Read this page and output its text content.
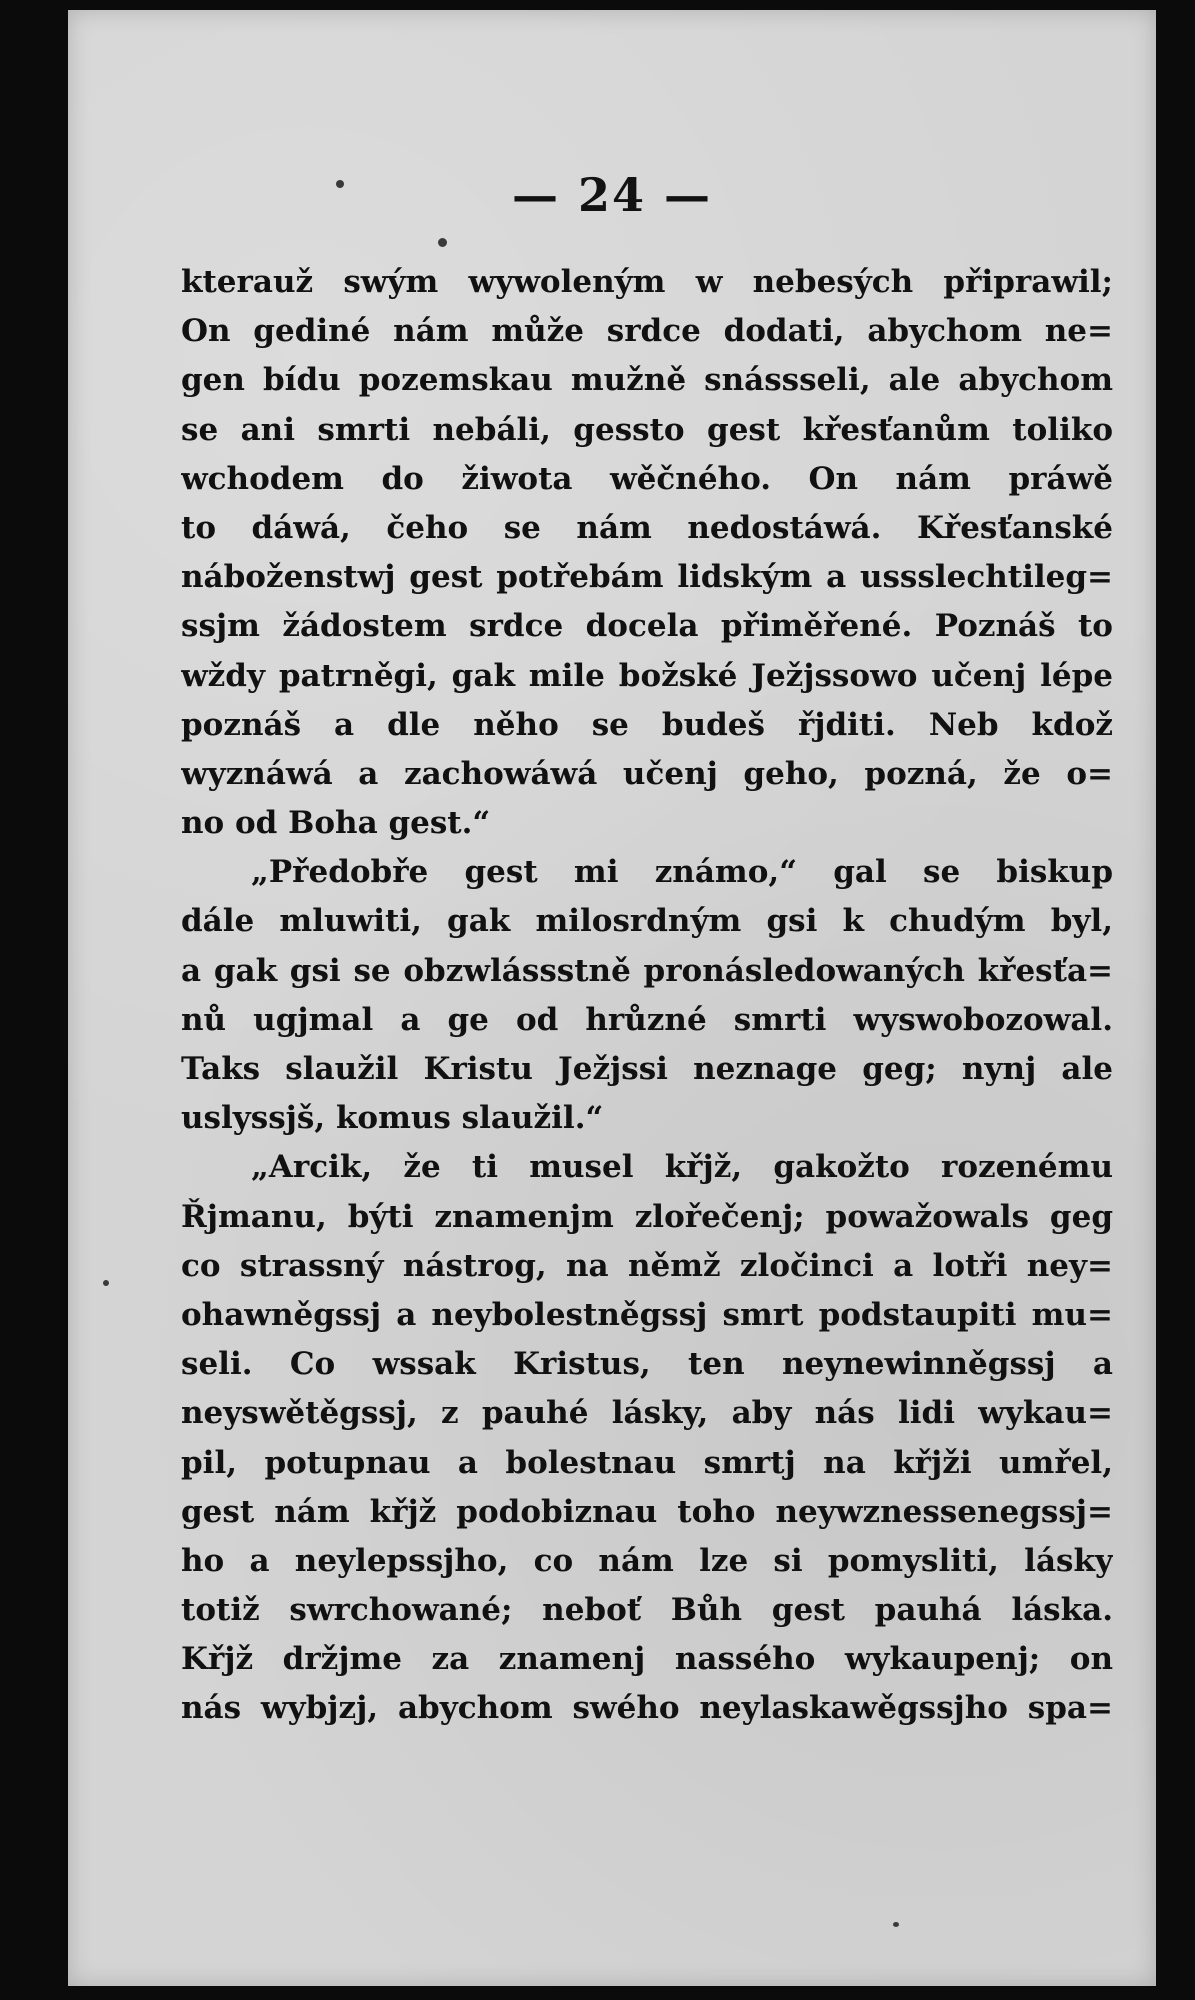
— 24 —
kterauž swým wywoleným w nebesých připrawil;
On gediné nám může srdce dodati, abychom ne=
gen bídu pozemskau mužně snássseli, ale abychom
se ani smrti nebáli, gessto gest křesťanům toliko
wchodem do žiwota wěčného. On nám práwě
to dáwá, čeho se nám nedostáwá. Křesťanské
náboženstwj gest potřebám lidským a ussslechtileg=
ssjm žádostem srdce docela přiměřené. Poznáš to
wždy patrněgi, gak mile božské Ježjssowo učenj lépe
poznáš a dle něho se budeš řjditi. Neb kdož
wyznáwá a zachowáwá učenj geho, pozná, že o=
no od Boha gest.“
„Předobře gest mi známo,“ gal se biskup
dále mluwiti, gak milosrdným gsi k chudým byl,
a gak gsi se obzwlássstně pronásledowaných křesťa=
nů ugjmal a ge od hrůzné smrti wyswobozowal.
Taks slaužil Kristu Ježjssi neznage geg; nynj ale
uslyssjš, komus slaužil.“
„Arcik, že ti musel křjž, gakožto rozenému
Řjmanu, býti znamenjm zlořečenj; powažowals geg
co strassný nástrog, na němž zločinci a lotři ney=
ohawněgssj a neybolestněgssj smrt podstaupiti mu=
seli. Co wssak Kristus, ten neynewinněgssj a
neyswětěgssj, z pauhé lásky, aby nás lidi wykau=
pil, potupnau a bolestnau smrtj na křjži umřel,
gest nám křjž podobiznau toho neywznessenegssj=
ho a neylepssjho, co nám lze si pomysliti, lásky
totiž swrchowané; neboť Bůh gest pauhá láska.
Křjž držjme za znamenj nassého wykaupenj; on
nás wybjzj, abychom swého neylaskawěgssjho spa=
